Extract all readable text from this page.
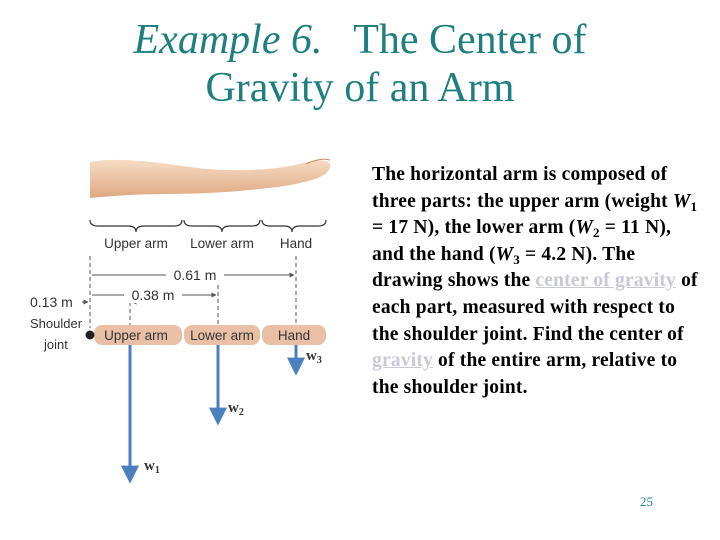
Example 6. The Center of
Gravity of an Arm
Upper arm Lower arm Hand
0.61 m
0.38 m
0.13 m
Shoulder
joint
Upper arm Lower arm Hand
$w_1$
$w_2$
$w_3$
The horizontal arm is composed of three parts: the upper arm (weight $W_1 = 17$ N), the lower arm ($W_2 = 11$ N), and the hand ($W_3 = 4.2$ N). The drawing shows the center of gravity of each part, measured with respect to the shoulder joint. Find the center of gravity of the entire arm, relative to the shoulder joint.
25
